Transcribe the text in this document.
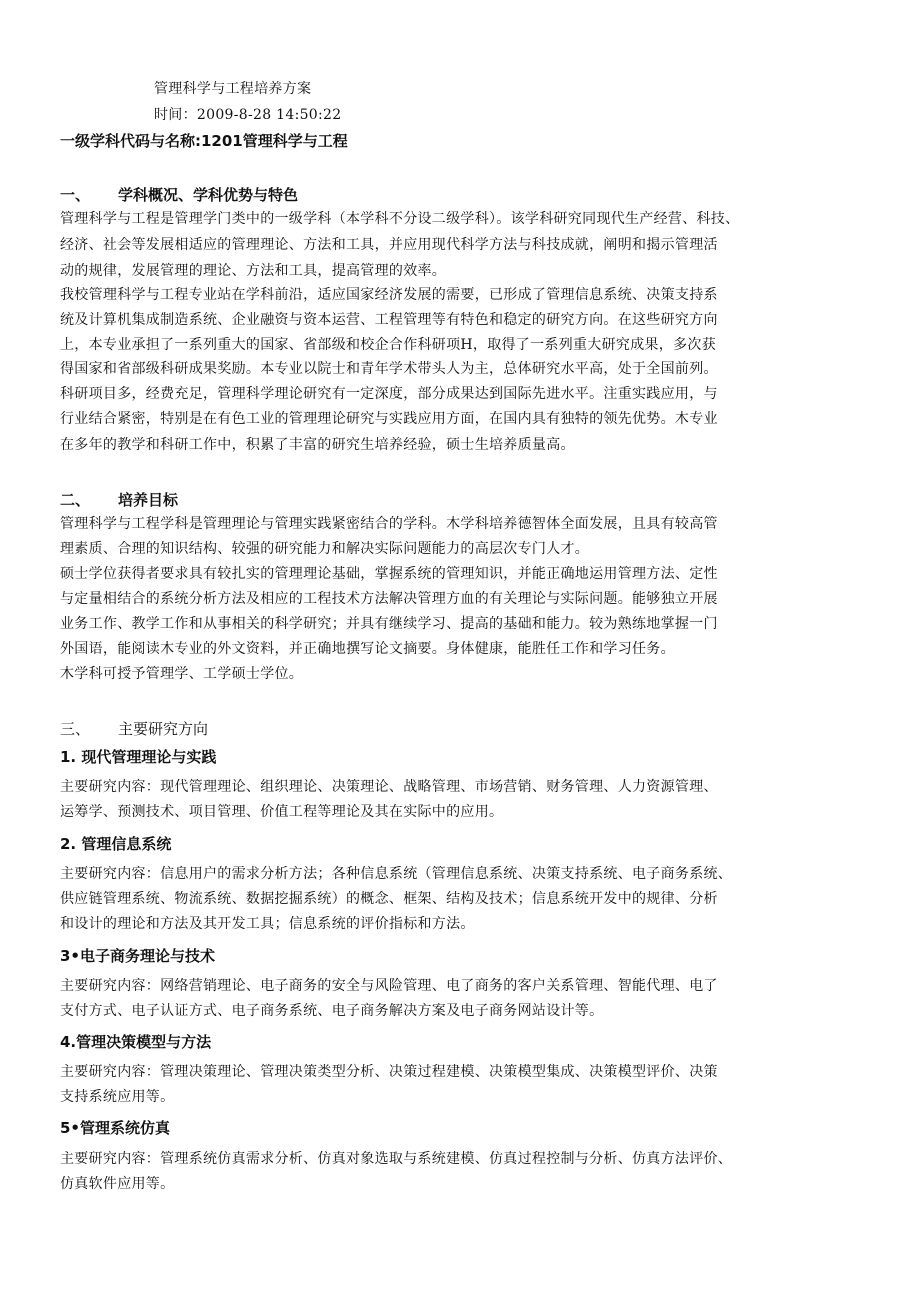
管理科学与工程培养方案
时间：2009-8-28 14:50:22
一级学科代码与名称:1201管理科学与工程
一、 学科概况、学科优势与特色
管理科学与工程是管理学门类中的一级学科（本学科不分设二级学科）。该学科研究同现代生产经营、科技、
经济、社会等发展相适应的管理理论、方法和工具，并应用现代科学方法与科技成就，阐明和揭示管理活
动的规律，发展管理的理论、方法和工具，提高管理的效率。
我校管理科学与工程专业站在学科前沿，适应国家经济发展的需要，已形成了管理信息系统、决策支持系
统及计算机集成制造系统、企业融资与资本运营、工程管理等有特色和稳定的研究方向。在这些研究方向
上，本专业承担了一系列重大的国家、省部级和校企合作科研项H，取得了一系列重大研究成果，多次获
得国家和省部级科研成果奖励。本专业以院士和青年学术带头人为主，总体研究水平高，处于全国前列。
科研项目多，经费充足，管理科学理论研究有一定深度，部分成果达到国际先进水平。注重实践应用，与
行业结合紧密，特别是在有色工业的管理理论研究与实践应用方面，在国内具有独特的领先优势。木专业
在多年的教学和科研工作中，积累了丰富的研究生培养经验，硕士生培养质量高。
二、 培养目标
管理科学与工程学科是管理理论与管理实践紧密结合的学科。木学科培养德智体全面发展，且具有较高管
理素质、合理的知识结构、较强的研究能力和解决实际问题能力的高层次专门人才。
硕士学位获得者要求具有较扎实的管理理论基础，掌握系统的管理知识，并能正确地运用管理方法、定性
与定量相结合的系统分析方法及相应的工程技术方法解决管理方血的有关理论与实际问题。能够独立开展
业务工作、教学工作和从事相关的科学研究；并具有继续学习、提高的基础和能力。较为熟练地掌握一门
外国语，能阅读木专业的外文资料，并正确地撰写论文摘要。身体健康，能胜任工作和学习任务。
木学科可授予管理学、工学硕士学位。
三、 主要研究方向
1. 现代管理理论与实践
主要研究内容：现代管理理论、组织理论、决策理论、战略管理、市场营销、财务管理、人力资源管理、
运筹学、预测技术、项目管理、价值工程等理论及其在实际中的应用。
2. 管理信息系统
主要研究内容：信息用户的需求分析方法；各种信息系统（管理信息系统、决策支持系统、电子商务系统、
供应链管理系统、物流系统、数据挖掘系统）的概念、框架、结构及技术；信息系统开发中的规律、分析
和设计的理论和方法及其开发工具；信息系统的评价指标和方法。
3•电子商务理论与技术
主要研究内容：网络营销理论、电子商务的安全与风险管理、电了商务的客户关系管理、智能代理、电了
支付方式、电子认证方式、电子商务系统、电子商务解决方案及电子商务网站设计等。
4.管理决策模型与方法
主要研究内容：管理决策理论、管理决策类型分析、决策过程建模、决策模型集成、决策模型评价、决策
支持系统应用等。
5•管理系统仿真
主要研究内容：管理系统仿真需求分析、仿真对象选取与系统建模、仿真过程控制与分析、仿真方法评价、
仿真软件应用等。
